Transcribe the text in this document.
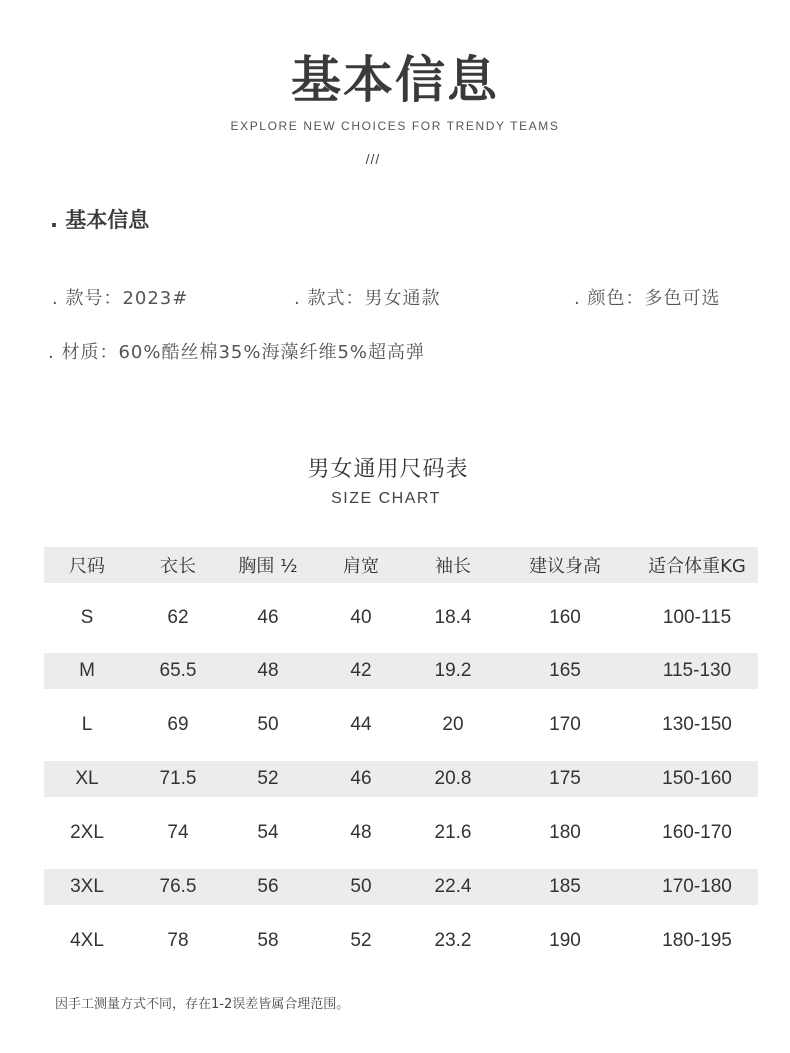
基本信息
EXPLORE NEW CHOICES FOR TRENDY TEAMS
///
. 基本信息
. 款号：2023#	. 款式：男女通款	. 颜色：多色可选
. 材质：60%酷丝棉35%海藻纤维5%超高弹
男女通用尺码表
SIZE CHART
尺码	衣长	胸围 ½	肩宽	袖长	建议身高	适合体重KG
S	62	46	40	18.4	160	100-115
M	65.5	48	42	19.2	165	115-130
L	69	50	44	20	170	130-150
XL	71.5	52	46	20.8	175	150-160
2XL	74	54	48	21.6	180	160-170
3XL	76.5	56	50	22.4	185	170-180
4XL	78	58	52	23.2	190	180-195
因手工测量方式不同，存在1-2误差皆属合理范围。
